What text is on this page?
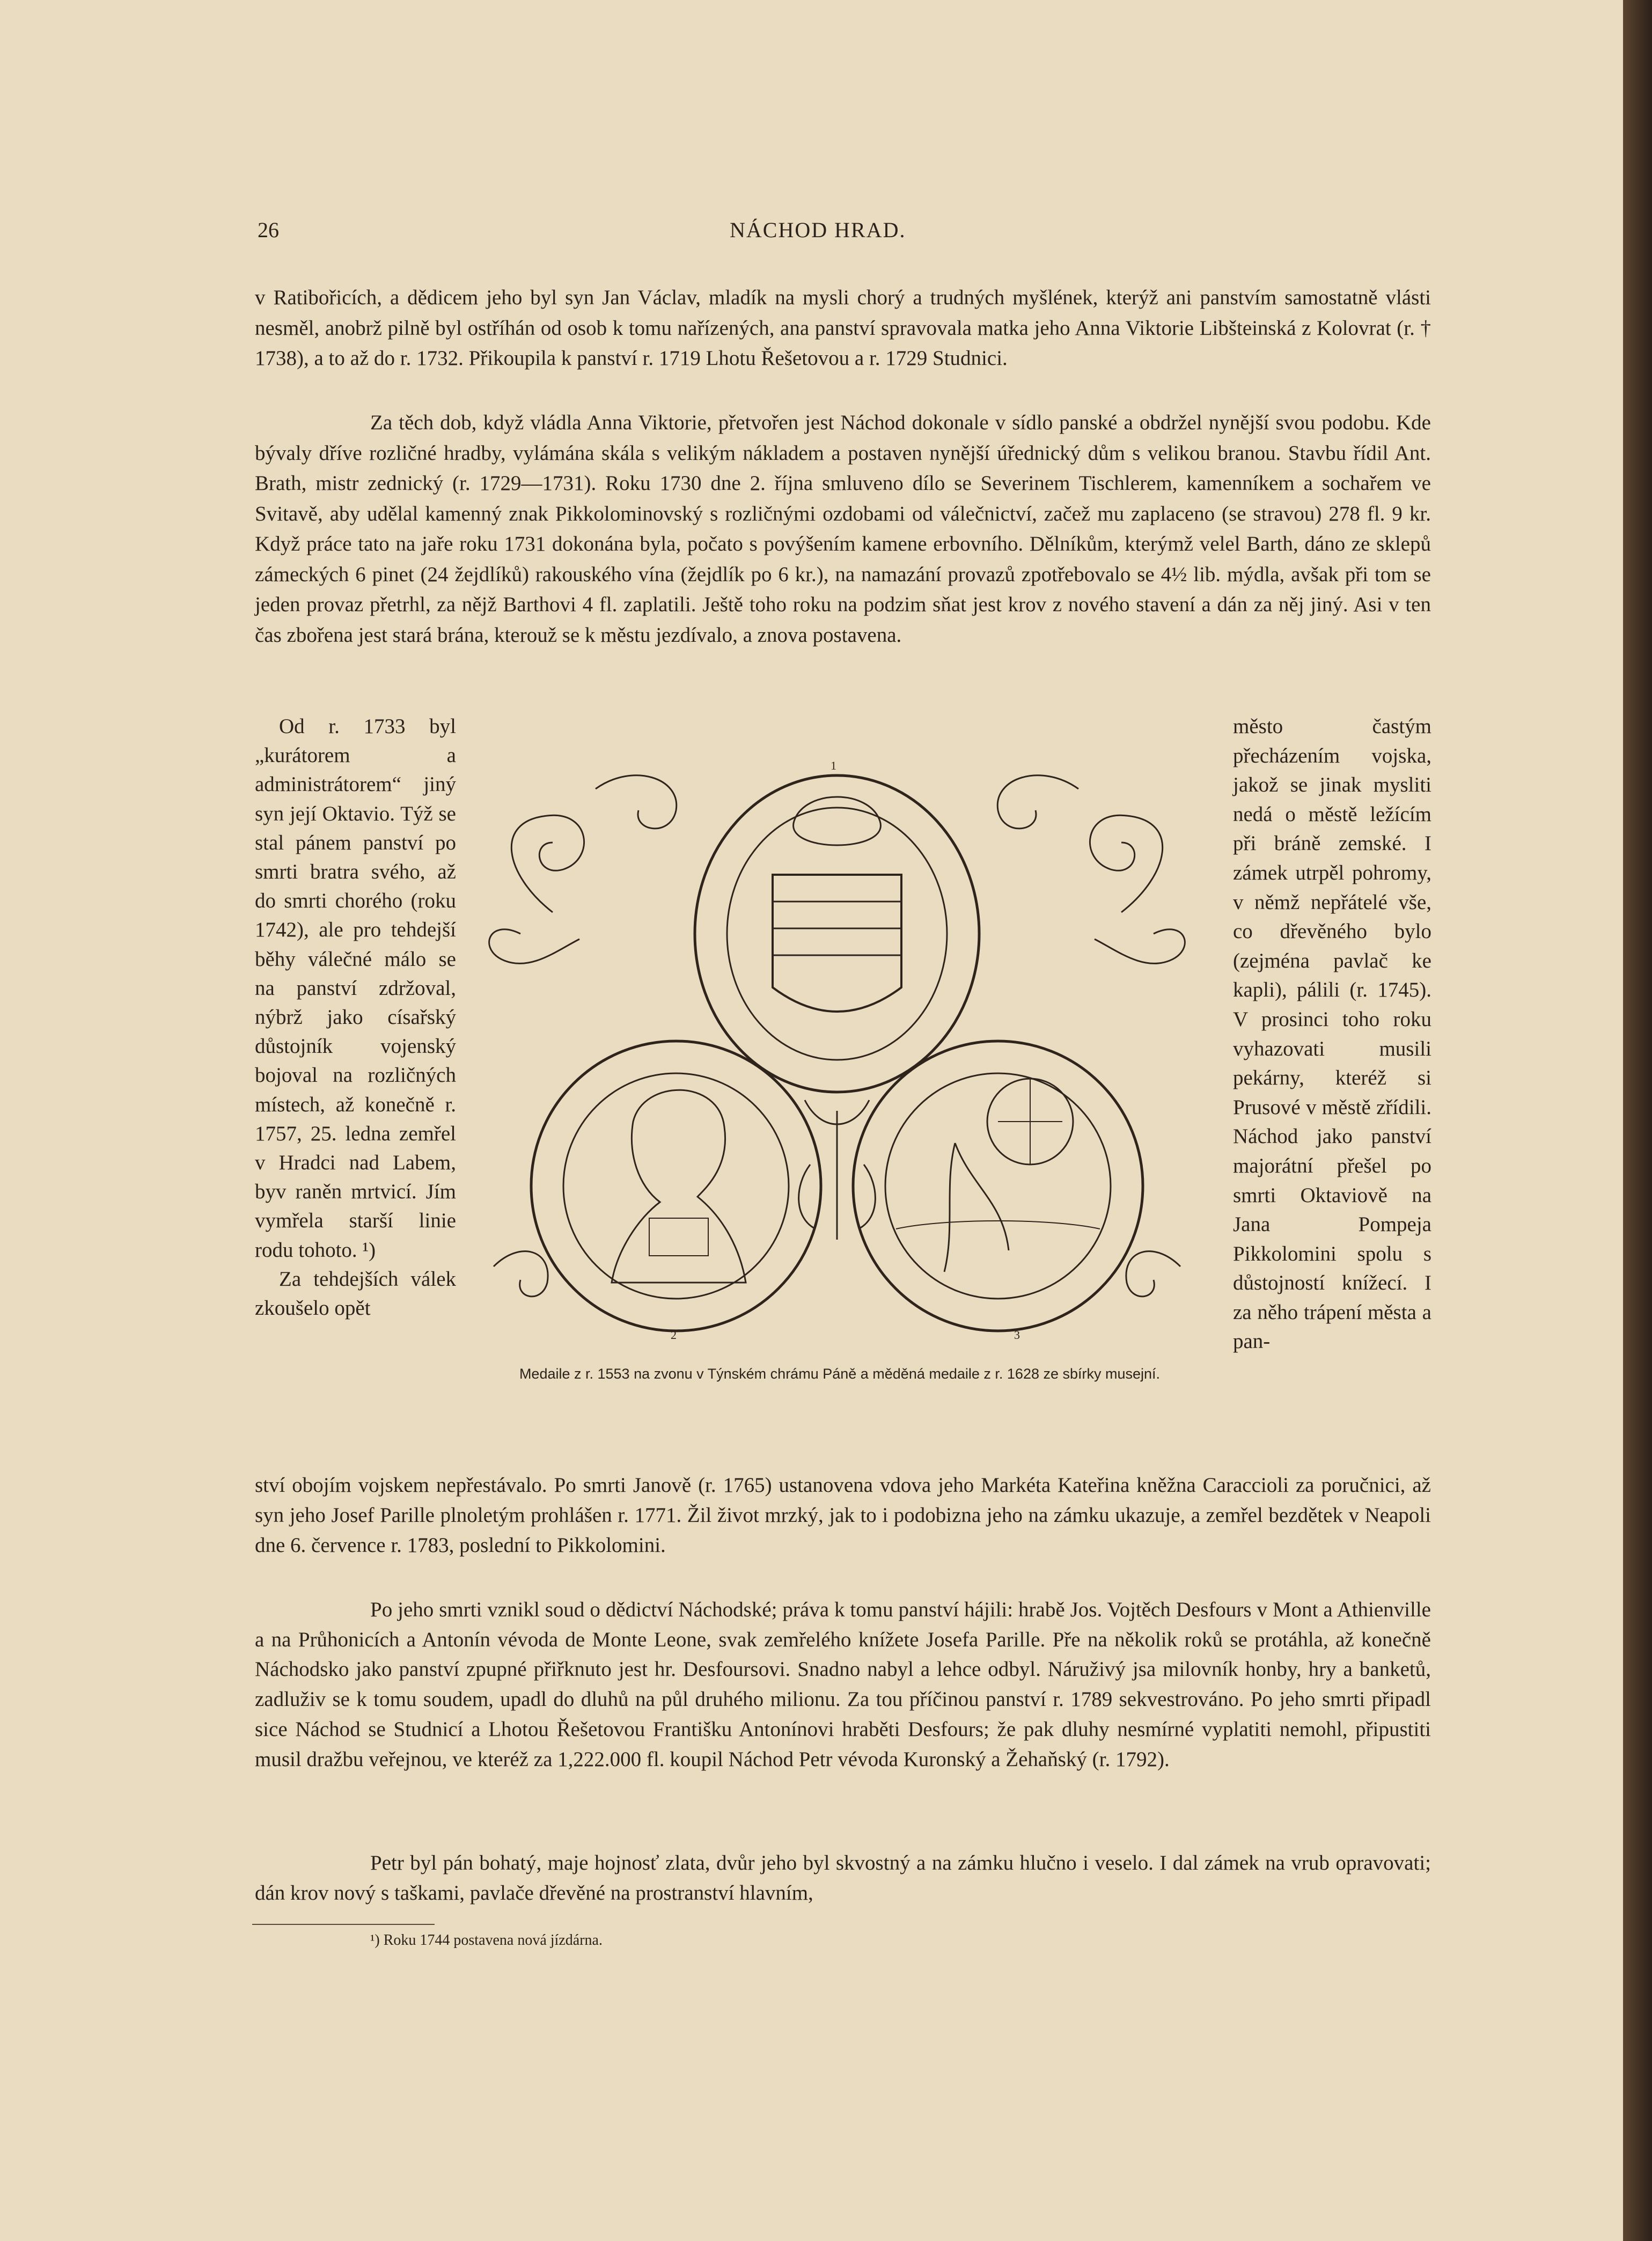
26	NÁCHOD HRAD.
v Ratibořicích, a dědicem jeho byl syn Jan Václav, mladík na mysli chorý a trudných myšlének, kterýž ani panstvím samostatně vlásti nesměl, anobrž pilně byl ostříhán od osob k tomu nařízených, ana panství spravovala matka jeho Anna Viktorie Libšteinská z Kolovrat (r. † 1738), a to až do r. 1732. Přikoupila k panství r. 1719 Lhotu Řešetovou a r. 1729 Studnici.
Za těch dob, když vládla Anna Viktorie, přetvořen jest Náchod dokonale v sídlo panské a obdržel nynější svou podobu. Kde bývaly dříve rozličné hradby, vylámána skála s velikým nákladem a postaven nynější úřednický dům s velikou branou. Stavbu řídil Ant. Brath, mistr zednický (r. 1729—1731). Roku 1730 dne 2. října smluveno dílo se Severinem Tischlerem, kamenníkem a sochařem ve Svitavě, aby udělal kamenný znak Pikkolominovský s rozličnými ozdobami od válečnictví, začež mu zaplaceno (se stravou) 278 fl. 9 kr. Když práce tato na jaře roku 1731 dokonána byla, počato s povýšením kamene erbovního. Dělníkům, kterýmž velel Barth, dáno ze sklepů zámeckých 6 pinet (24 žejdlíků) rakouského vína (žejdlík po 6 kr.), na namazání provazů zpotřebovalo se 4½ lib. mýdla, avšak při tom se jeden provaz přetrhl, za nějž Barthovi 4 fl. zaplatili. Ještě toho roku na podzim sňat jest krov z nového stavení a dán za něj jiný. Asi v ten čas zbořena jest stará brána, kterouž se k městu jezdívalo, a znova postavena.
Od r. 1733 byl „kurátorem a administrátorem“ jiný syn její Oktavio. Týž se stal pánem panství po smrti bratra svého, až do smrti chorého (roku 1742), ale pro tehdejší běhy válečné málo se na panství zdržoval, nýbrž jako císařský důstojník vojenský bojoval na rozličných místech, až konečně r. 1757, 25. ledna zemřel v Hradci nad Labem, byv raněn mrtvicí. Jím vymřela starší linie rodu tohoto. ¹)
Za tehdejších válek zkoušelo opět
1
2	3
Medaile z r. 1553 na zvonu v Týnském chrámu Páně a měděná medaile z r. 1628 ze sbírky musejní.
město častým přecházením vojska, jakož se jinak mysliti nedá o městě ležícím při bráně zemské. I zámek utrpěl pohromy, v němž nepřátelé vše, co dřevěného bylo (zejména pavlač ke kapli), pálili (r. 1745). V prosinci toho roku vyhazovati musili pekárny, kteréž si Prusové v městě zřídili. Náchod jako panství majorátní přešel po smrti Oktaviově na Jana Pompeja Pikkolomini spolu s důstojností knížecí. I za něho trápení města a pan-
ství obojím vojskem nepřestávalo. Po smrti Janově (r. 1765) ustanovena vdova jeho Markéta Kateřina kněžna Caraccioli za poručnici, až syn jeho Josef Parille plnoletým prohlášen r. 1771. Žil život mrzký, jak to i podobizna jeho na zámku ukazuje, a zemřel bezdětek v Neapoli dne 6. července r. 1783, poslední to Pikkolomini.
Po jeho smrti vznikl soud o dědictví Náchodské; práva k tomu panství hájili: hrabě Jos. Vojtěch Desfours v Mont a Athienville a na Průhonicích a Antonín vévoda de Monte Leone, svak zemřelého knížete Josefa Parille. Pře na několik roků se protáhla, až konečně Náchodsko jako panství zpupné přiřknuto jest hr. Desfoursovi. Snadno nabyl a lehce odbyl. Náruživý jsa milovník honby, hry a banketů, zadluživ se k tomu soudem, upadl do dluhů na půl druhého milionu. Za tou příčinou panství r. 1789 sekvestrováno. Po jeho smrti připadl sice Náchod se Studnicí a Lhotou Řešetovou Františku Antonínovi hraběti Desfours; že pak dluhy nesmírné vyplatiti nemohl, připustiti musil dražbu veřejnou, ve kteréž za 1,222.000 fl. koupil Náchod Petr vévoda Kuronský a Žehaňský (r. 1792).
Petr byl pán bohatý, maje hojnosť zlata, dvůr jeho byl skvostný a na zámku hlučno i veselo. I dal zámek na vrub opravovati; dán krov nový s taškami, pavlače dřevěné na prostranství hlavním,
¹) Roku 1744 postavena nová jízdárna.
